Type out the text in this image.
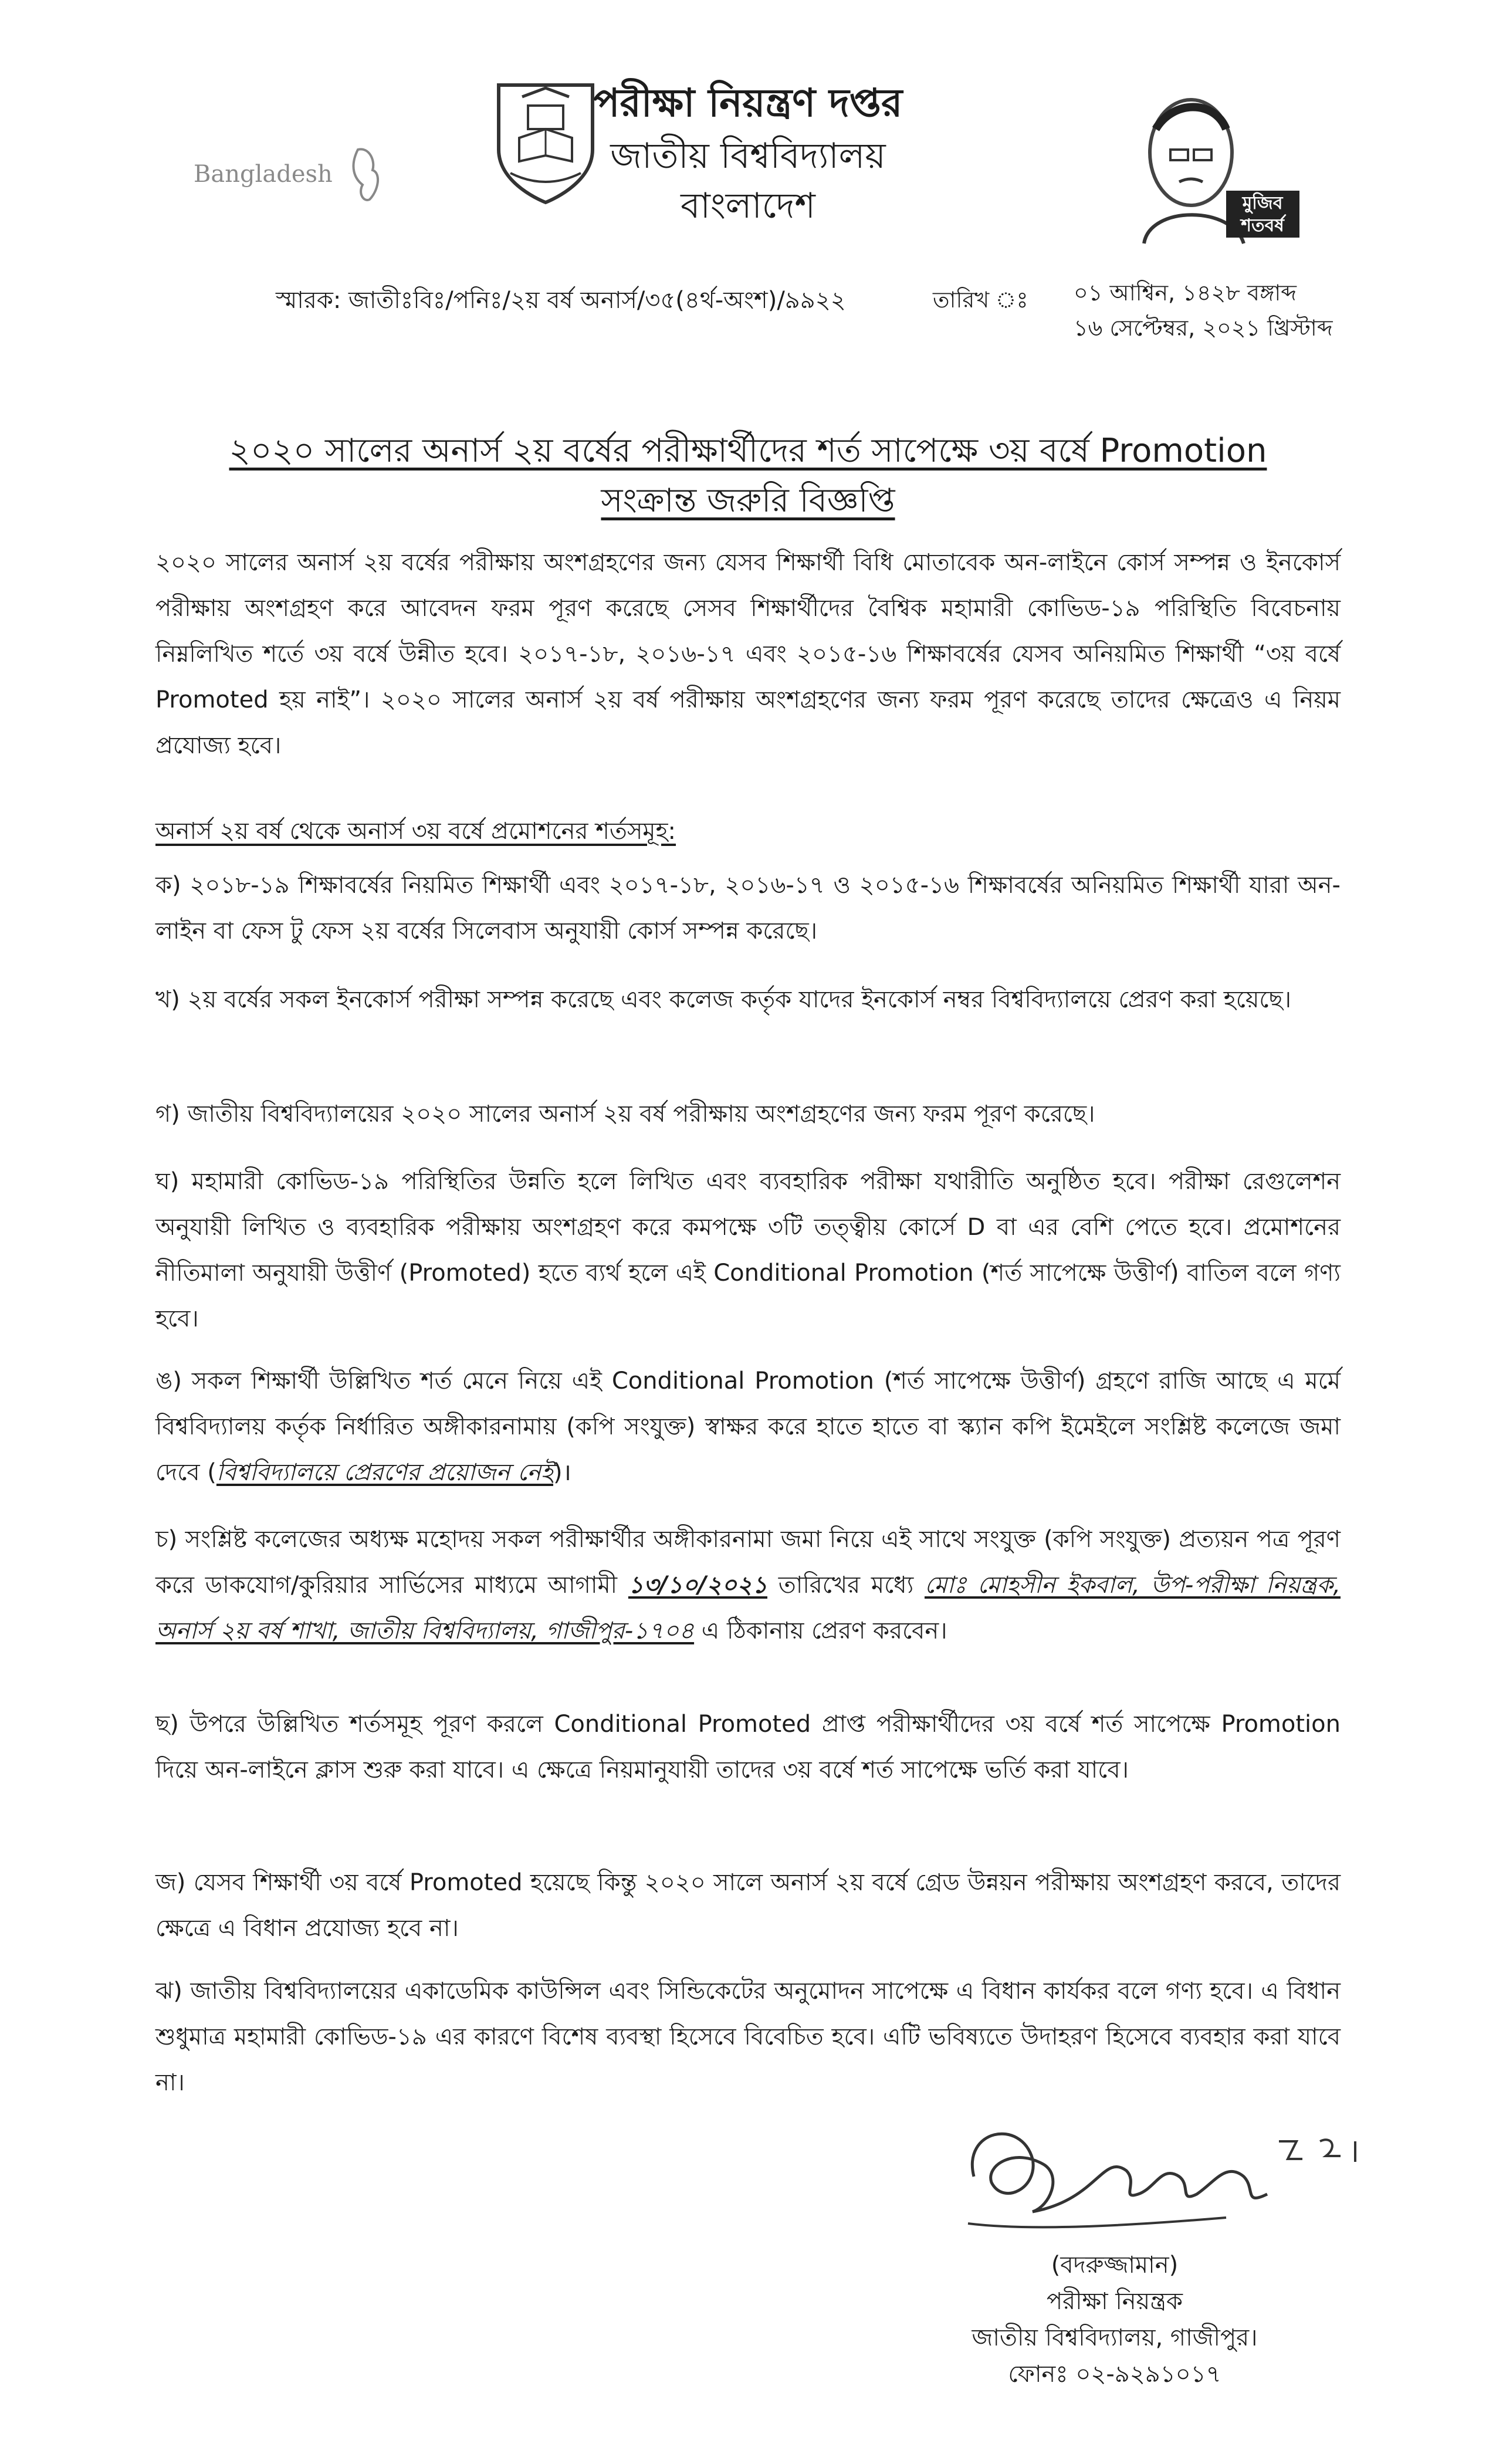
Bangladesh
পরীক্ষা নিয়ন্ত্রণ দপ্তর
জাতীয় বিশ্ববিদ্যালয়
বাংলাদেশ	মুজিব শতবর্ষ
স্মারক: জাতীঃবিঃ/পনিঃ/২য় বর্ষ অনার্স/৩৫(৪র্থ-অংশ)/৯৯২২	তারিখ ঃ ০১ আশ্বিন, ১৪২৮ বঙ্গাব্দ
১৬ সেপ্টেম্বর, ২০২১ খ্রিস্টাব্দ
২০২০ সালের অনার্স ২য় বর্ষের পরীক্ষার্থীদের শর্ত সাপেক্ষে ৩য় বর্ষে Promotion
সংক্রান্ত জরুরি বিজ্ঞপ্তি

২০২০ সালের অনার্স ২য় বর্ষের পরীক্ষায় অংশগ্রহণের জন্য যেসব শিক্ষার্থী বিধি মোতাবেক অন-লাইনে কোর্স সম্পন্ন ও ইনকোর্স পরীক্ষায় অংশগ্রহণ করে আবেদন ফরম পূরণ করেছে সেসব শিক্ষার্থীদের বৈশ্বিক মহামারী কোভিড-১৯ পরিস্থিতি বিবেচনায় নিম্নলিখিত শর্তে ৩য় বর্ষে উন্নীত হবে। ২০১৭-১৮, ২০১৬-১৭ এবং ২০১৫-১৬ শিক্ষাবর্ষের যেসব অনিয়মিত শিক্ষার্থী “৩য় বর্ষে Promoted হয় নাই”। ২০২০ সালের অনার্স ২য় বর্ষ পরীক্ষায় অংশগ্রহণের জন্য ফরম পূরণ করেছে তাদের ক্ষেত্রেও এ নিয়ম প্রযোজ্য হবে।

অনার্স ২য় বর্ষ থেকে অনার্স ৩য় বর্ষে প্রমোশনের শর্তসমূহ:

ক) ২০১৮-১৯ শিক্ষাবর্ষের নিয়মিত শিক্ষার্থী এবং ২০১৭-১৮, ২০১৬-১৭ ও ২০১৫-১৬ শিক্ষাবর্ষের অনিয়মিত শিক্ষার্থী যারা অন-লাইন বা ফেস টু ফেস ২য় বর্ষের সিলেবাস অনুযায়ী কোর্স সম্পন্ন করেছে।

খ) ২য় বর্ষের সকল ইনকোর্স পরীক্ষা সম্পন্ন করেছে এবং কলেজ কর্তৃক যাদের ইনকোর্স নম্বর বিশ্ববিদ্যালয়ে প্রেরণ করা হয়েছে।

গ) জাতীয় বিশ্ববিদ্যালয়ের ২০২০ সালের অনার্স ২য় বর্ষ পরীক্ষায় অংশগ্রহণের জন্য ফরম পূরণ করেছে।

ঘ) মহামারী কোভিড-১৯ পরিস্থিতির উন্নতি হলে লিখিত এবং ব্যবহারিক পরীক্ষা যথারীতি অনুষ্ঠিত হবে। পরীক্ষা রেগুলেশন অনুযায়ী লিখিত ও ব্যবহারিক পরীক্ষায় অংশগ্রহণ করে কমপক্ষে ৩টি তত্ত্বীয় কোর্সে D বা এর বেশি পেতে হবে। প্রমোশনের নীতিমালা অনুযায়ী উত্তীর্ণ (Promoted) হতে ব্যর্থ হলে এই Conditional Promotion (শর্ত সাপেক্ষে উত্তীর্ণ) বাতিল বলে গণ্য হবে।

ঙ) সকল শিক্ষার্থী উল্লিখিত শর্ত মেনে নিয়ে এই Conditional Promotion (শর্ত সাপেক্ষে উত্তীর্ণ) গ্রহণে রাজি আছে এ মর্মে বিশ্ববিদ্যালয় কর্তৃক নির্ধারিত অঙ্গীকারনামায় (কপি সংযুক্ত) স্বাক্ষর করে হাতে হাতে বা স্ক্যান কপি ইমেইলে সংশ্লিষ্ট কলেজে জমা দেবে (বিশ্ববিদ্যালয়ে প্রেরণের প্রয়োজন নেই)।

চ) সংশ্লিষ্ট কলেজের অধ্যক্ষ মহোদয় সকল পরীক্ষার্থীর অঙ্গীকারনামা জমা নিয়ে এই সাথে সংযুক্ত (কপি সংযুক্ত) প্রত্যয়ন পত্র পূরণ করে ডাকযোগ/কুরিয়ার সার্ভিসের মাধ্যমে আগামী ১৩/১০/২০২১ তারিখের মধ্যে মোঃ মোহসীন ইকবাল, উপ-পরীক্ষা নিয়ন্ত্রক, অনার্স ২য় বর্ষ শাখা, জাতীয় বিশ্ববিদ্যালয়, গাজীপুর-১৭০৪ এ ঠিকানায় প্রেরণ করবেন।

ছ) উপরে উল্লিখিত শর্তসমূহ পূরণ করলে Conditional Promoted প্রাপ্ত পরীক্ষার্থীদের ৩য় বর্ষে শর্ত সাপেক্ষে Promotion দিয়ে অন-লাইনে ক্লাস শুরু করা যাবে। এ ক্ষেত্রে নিয়মানুযায়ী তাদের ৩য় বর্ষে শর্ত সাপেক্ষে ভর্তি করা যাবে।

জ) যেসব শিক্ষার্থী ৩য় বর্ষে Promoted হয়েছে কিন্তু ২০২০ সালে অনার্স ২য় বর্ষে গ্রেড উন্নয়ন পরীক্ষায় অংশগ্রহণ করবে, তাদের ক্ষেত্রে এ বিধান প্রযোজ্য হবে না।

ঝ) জাতীয় বিশ্ববিদ্যালয়ের একাডেমিক কাউন্সিল এবং সিন্ডিকেটের অনুমোদন সাপেক্ষে এ বিধান কার্যকর বলে গণ্য হবে। এ বিধান শুধুমাত্র মহামারী কোভিড-১৯ এর কারণে বিশেষ ব্যবস্থা হিসেবে বিবেচিত হবে। এটি ভবিষ্যতে উদাহরণ হিসেবে ব্যবহার করা যাবে না।

(বদরুজ্জামান)
পরীক্ষা নিয়ন্ত্রক
জাতীয় বিশ্ববিদ্যালয়, গাজীপুর।
ফোনঃ ০২-৯২৯১০১৭
